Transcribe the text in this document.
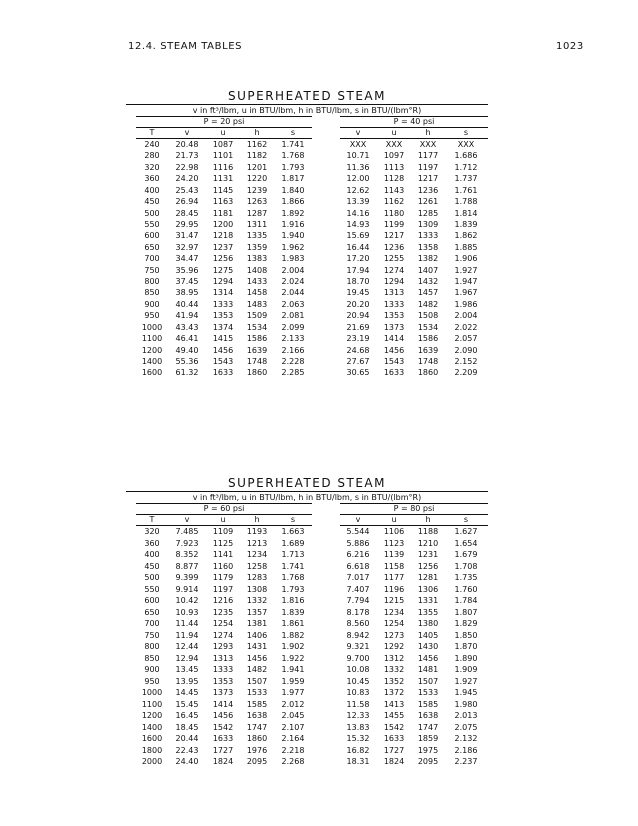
12.4. STEAM TABLES	1023
SUPERHEATED STEAM
v in ft³/lbm, u in BTU/lbm, h in BTU/lbm, s in BTU/(lbm°R)
P = 20 psi
T	v	u	h	s
240	20.48	1087	1162	1.741
280	21.73	1101	1182	1.768
320	22.98	1116	1201	1.793
360	24.20	1131	1220	1.817
400	25.43	1145	1239	1.840
450	26.94	1163	1263	1.866
500	28.45	1181	1287	1.892
550	29.95	1200	1311	1.916
600	31.47	1218	1335	1.940
650	32.97	1237	1359	1.962
700	34.47	1256	1383	1.983
750	35.96	1275	1408	2.004
800	37.45	1294	1433	2.024
850	38.95	1314	1458	2.044
900	40.44	1333	1483	2.063
950	41.94	1353	1509	2.081
1000	43.43	1374	1534	2.099
1100	46.41	1415	1586	2.133
1200	49.40	1456	1639	2.166
1400	55.36	1543	1748	2.228
1600	61.32	1633	1860	2.285
P = 40 psi
v	u	h	s
XXX	XXX	XXX	XXX
10.71	1097	1177	1.686
11.36	1113	1197	1.712
12.00	1128	1217	1.737
12.62	1143	1236	1.761
13.39	1162	1261	1.788
14.16	1180	1285	1.814
14.93	1199	1309	1.839
15.69	1217	1333	1.862
16.44	1236	1358	1.885
17.20	1255	1382	1.906
17.94	1274	1407	1.927
18.70	1294	1432	1.947
19.45	1313	1457	1.967
20.20	1333	1482	1.986
20.94	1353	1508	2.004
21.69	1373	1534	2.022
23.19	1414	1586	2.057
24.68	1456	1639	2.090
27.67	1543	1748	2.152
30.65	1633	1860	2.209
SUPERHEATED STEAM
v in ft³/lbm, u in BTU/lbm, h in BTU/lbm, s in BTU/(lbm°R)
P = 60 psi
T	v	u	h	s
320	7.485	1109	1193	1.663
360	7.923	1125	1213	1.689
400	8.352	1141	1234	1.713
450	8.877	1160	1258	1.741
500	9.399	1179	1283	1.768
550	9.914	1197	1308	1.793
600	10.42	1216	1332	1.816
650	10.93	1235	1357	1.839
700	11.44	1254	1381	1.861
750	11.94	1274	1406	1.882
800	12.44	1293	1431	1.902
850	12.94	1313	1456	1.922
900	13.45	1333	1482	1.941
950	13.95	1353	1507	1.959
1000	14.45	1373	1533	1.977
1100	15.45	1414	1585	2.012
1200	16.45	1456	1638	2.045
1400	18.45	1542	1747	2.107
1600	20.44	1633	1860	2.164
1800	22.43	1727	1976	2.218
2000	24.40	1824	2095	2.268
P = 80 psi
v	u	h	s
5.544	1106	1188	1.627
5.886	1123	1210	1.654
6.216	1139	1231	1.679
6.618	1158	1256	1.708
7.017	1177	1281	1.735
7.407	1196	1306	1.760
7.794	1215	1331	1.784
8.178	1234	1355	1.807
8.560	1254	1380	1.829
8.942	1273	1405	1.850
9.321	1292	1430	1.870
9.700	1312	1456	1.890
10.08	1332	1481	1.909
10.45	1352	1507	1.927
10.83	1372	1533	1.945
11.58	1413	1585	1.980
12.33	1455	1638	2.013
13.83	1542	1747	2.075
15.32	1633	1859	2.132
16.82	1727	1975	2.186
18.31	1824	2095	2.237
